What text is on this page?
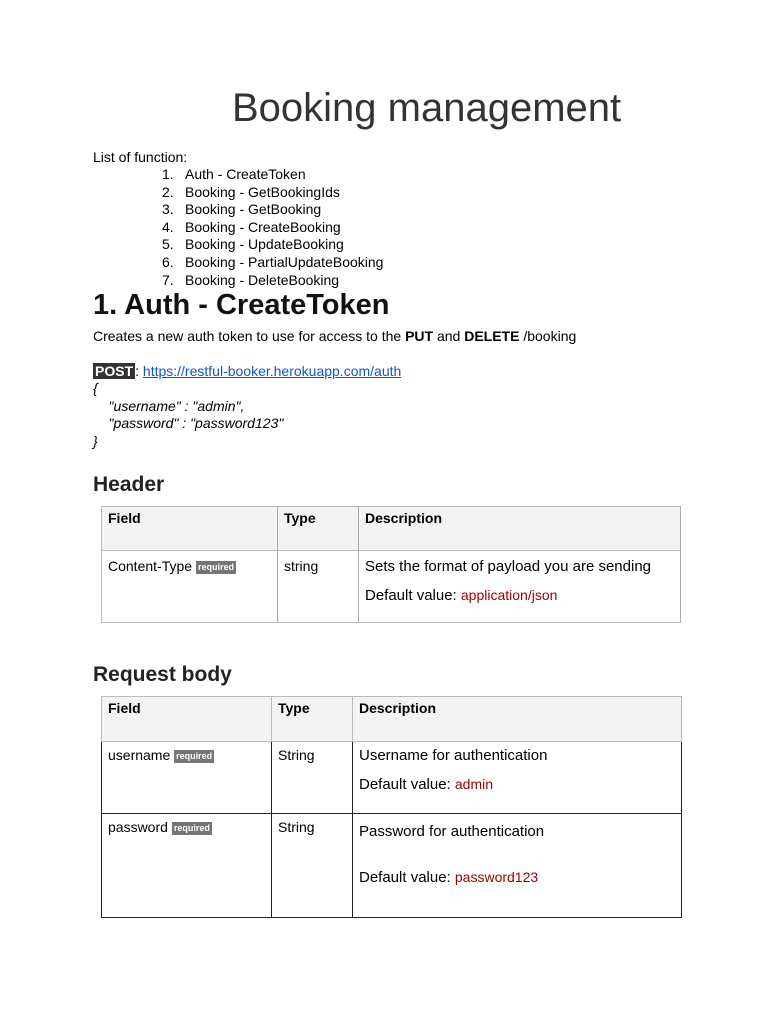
Booking management
List of function:
1. Auth - CreateToken
2. Booking - GetBookingIds
3. Booking - GetBooking
4. Booking - CreateBooking
5. Booking - UpdateBooking
6. Booking - PartialUpdateBooking
7. Booking - DeleteBooking
1. Auth - CreateToken
Creates a new auth token to use for access to the PUT and DELETE /booking
POST : https://restful-booker.herokuapp.com/auth
{
"username" : "admin",
"password" : "password123"
}
Header
Field	Type	Description
Content-Type required	string	Sets the format of payload you are sending
Default value: application/json
Request body
Field	Type	Description
username required	String	Username for authentication
Default value: admin

password required	String	Password for authentication
Default value: password123
